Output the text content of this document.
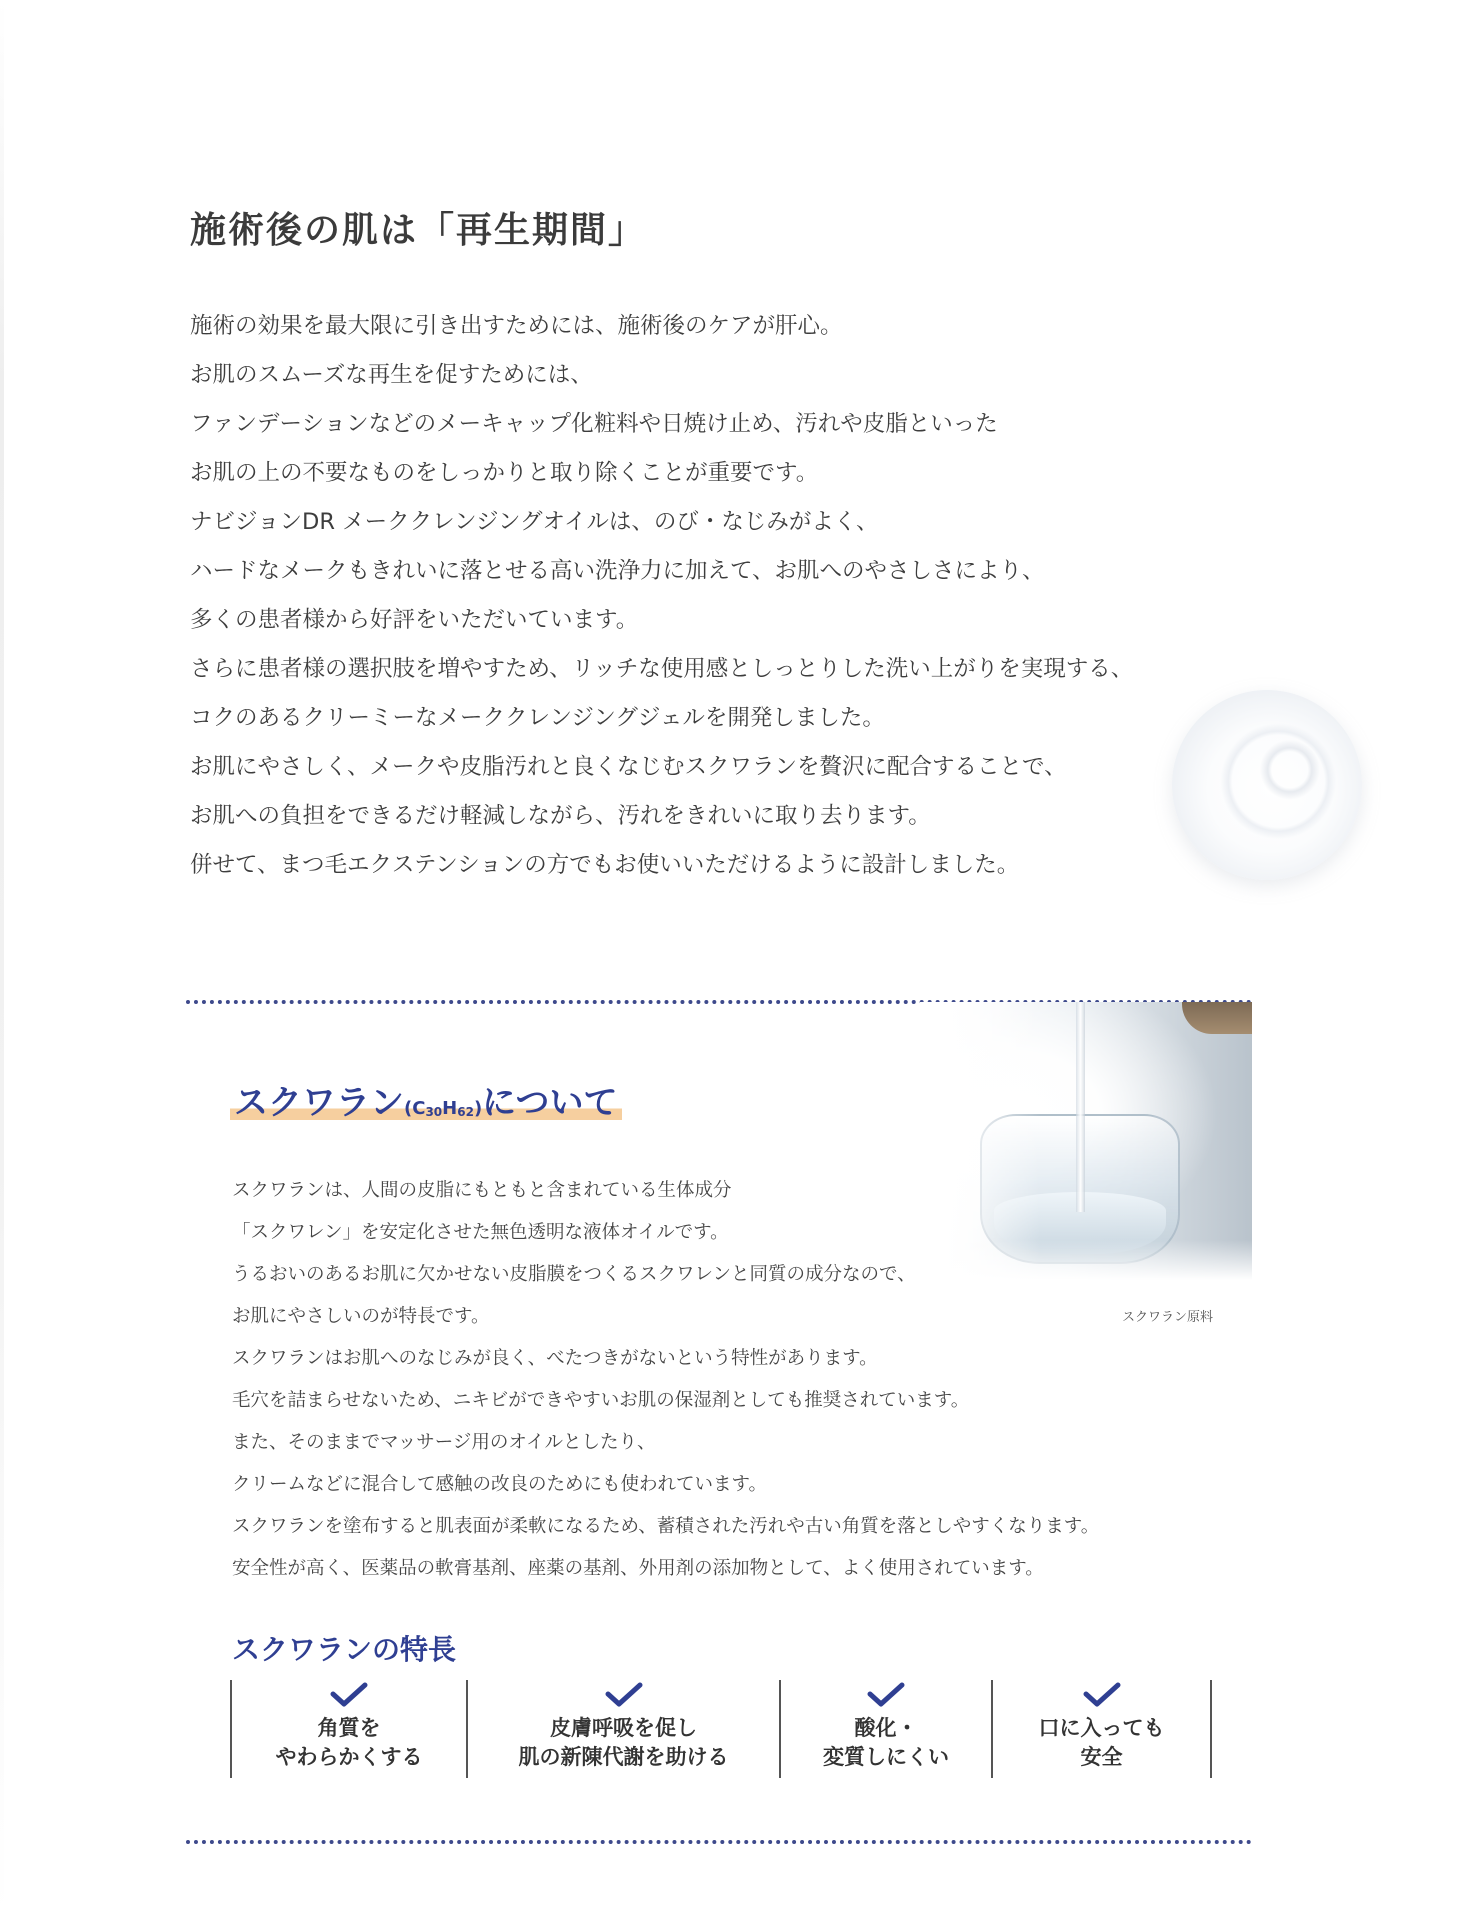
施術後の肌は「再生期間」
施術の効果を最大限に引き出すためには、施術後のケアが肝心。
お肌のスムーズな再生を促すためには、
ファンデーションなどのメーキャップ化粧料や日焼け止め、汚れや皮脂といった
お肌の上の不要なものをしっかりと取り除くことが重要です。
ナビジョンDR メーククレンジングオイルは、のび・なじみがよく、
ハードなメークもきれいに落とせる高い洗浄力に加えて、お肌へのやさしさにより、
多くの患者様から好評をいただいています。
さらに患者様の選択肢を増やすため、リッチな使用感としっとりした洗い上がりを実現する、
コクのあるクリーミーなメーククレンジングジェルを開発しました。
お肌にやさしく、メークや皮脂汚れと良くなじむスクワランを贅沢に配合することで、
お肌への負担をできるだけ軽減しながら、汚れをきれいに取り去ります。
併せて、まつ毛エクステンションの方でもお使いいただけるように設計しました。
スクワラン原料
スクワラン$(C_{30}H_{62})$について
スクワランは、人間の皮脂にもともと含まれている生体成分
「スクワレン」を安定化させた無色透明な液体オイルです。
うるおいのあるお肌に欠かせない皮脂膜をつくるスクワレンと同質の成分なので、
お肌にやさしいのが特長です。
スクワランはお肌へのなじみが良く、べたつきがないという特性があります。
毛穴を詰まらせないため、ニキビができやすいお肌の保湿剤としても推奨されています。
また、そのままでマッサージ用のオイルとしたり、
クリームなどに混合して感触の改良のためにも使われています。
スクワランを塗布すると肌表面が柔軟になるため、蓄積された汚れや古い角質を落としやすくなります。
安全性が高く、医薬品の軟膏基剤、座薬の基剤、外用剤の添加物として、よく使用されています。
スクワランの特長
角質を
やわらかくする
皮膚呼吸を促し
肌の新陳代謝を助ける
酸化・
変質しにくい
口に入っても
安全
